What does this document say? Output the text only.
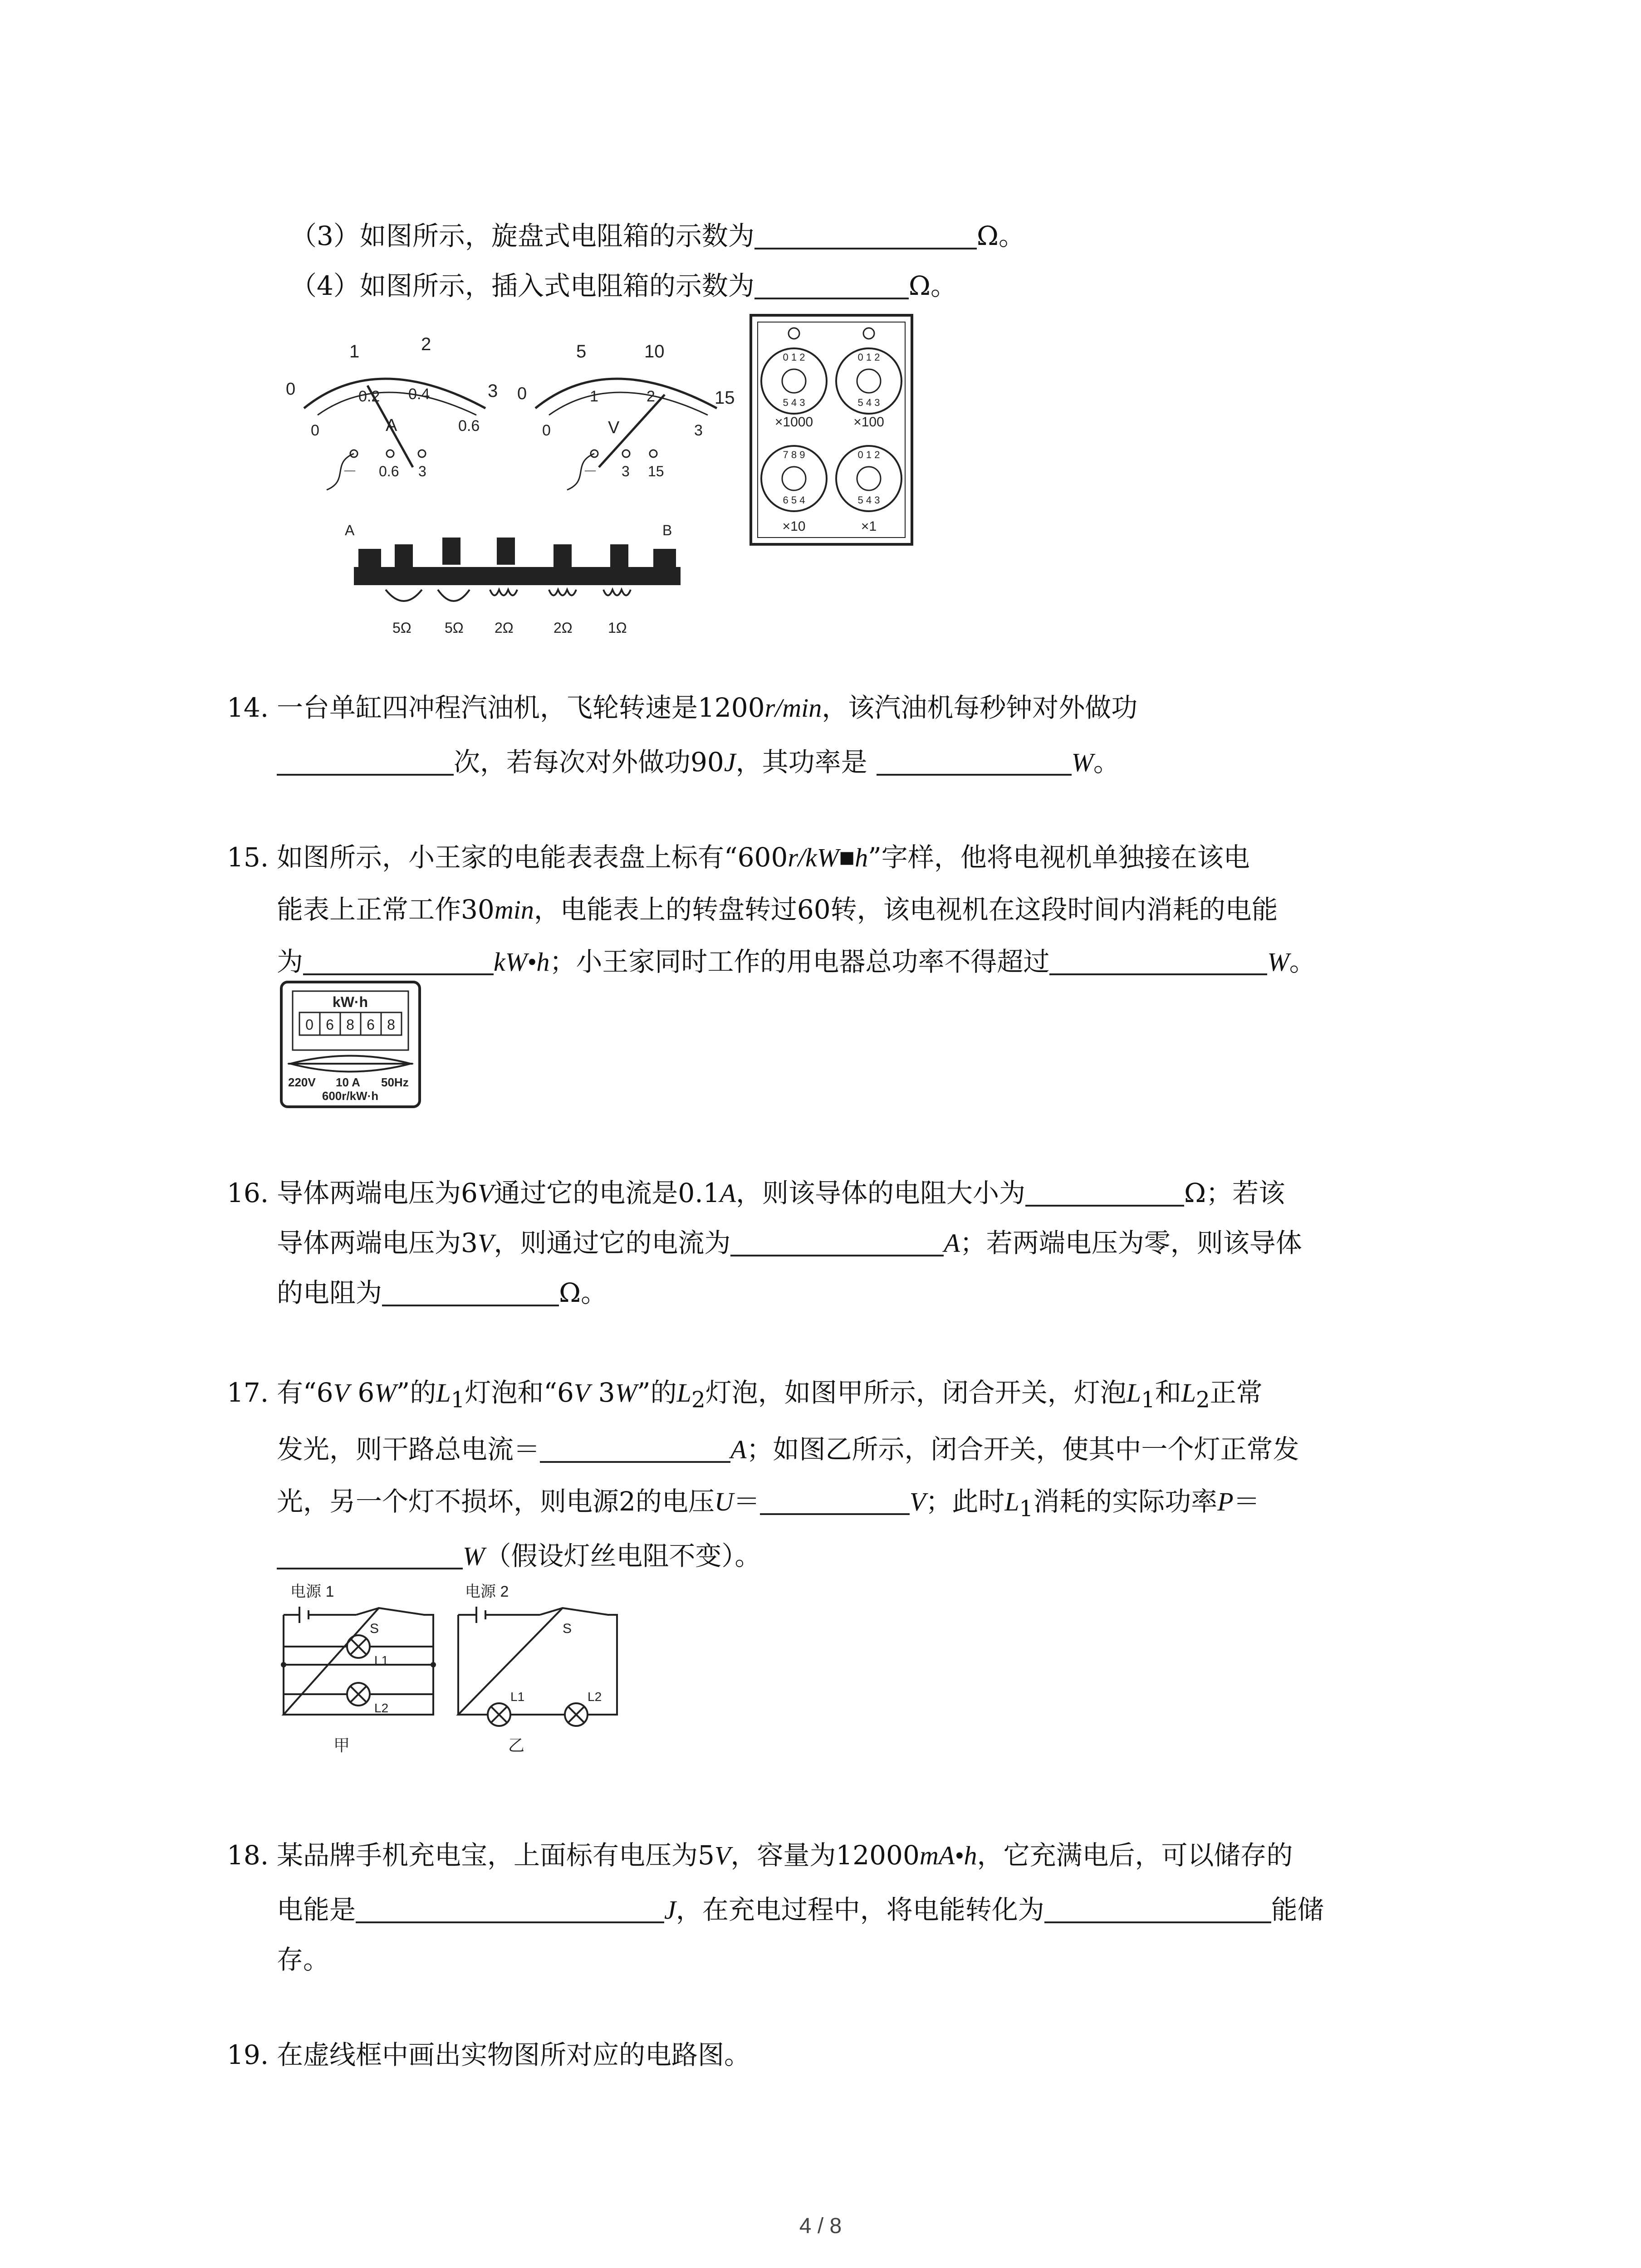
（3）如图所示，旋盘式电阻箱的示数为	Ω。
（4）如图所示，插入式电阻箱的示数为	Ω。
1	2
3
0
0
0.2 0.4
0.6
A
－ 0.6 3
5	10
15
0
0
1	2
3
V
－ 3 15
0 1 2
5 4 3
0 1 2
5 4 3
7 8 9
6 5 4
0 1 2
5 4 3
×1000	×100
×10	×1
A	B
5Ω 5Ω 2Ω	2Ω 1Ω
14. 一台单缸四冲程汽油机，飞轮转速是1200r/min，该汽油机每秒钟对外做功
次，若每次对外做功90J，其功率是	W。
15. 如图所示，小王家的电能表表盘上标有“600r/kW■h”字样，他将电视机单独接在该电
能表上正常工作30min，电能表上的转盘转过60转，该电视机在这段时间内消耗的电能
为	kW•h；小王家同时工作的用电器总功率不得超过	W。
kW·h
0 6 8 6 8
220V 10 A 50Hz
600r/kW·h
16. 导体两端电压为6V通过它的电流是0.1A，则该导体的电阻大小为	Ω；若该
导体两端电压为3V，则通过它的电流为	A；若两端电压为零，则该导体
的电阻为	Ω。
17. 有“6V 6W”的$L_1$灯泡和“6V 3W”的$L_2$灯泡，如图甲所示，闭合开关，灯泡$L_1$和$L_2$正常
发光，则干路总电流＝	A；如图乙所示，闭合开关，使其中一个灯正常发
光，另一个灯不损坏，则电源2的电压U＝	V；此时$L_1$消耗的实际功率P＝
W（假设灯丝电阻不变）。
电源 1
S
L1
L2
甲
电源 2
S
L1	L2
乙
18. 某品牌手机充电宝，上面标有电压为5V，容量为12000mA•h，它充满电后，可以储存的
电能是	J，在充电过程中，将电能转化为	能储
存。
19. 在虚线框中画出实物图所对应的电路图。
4 / 8
